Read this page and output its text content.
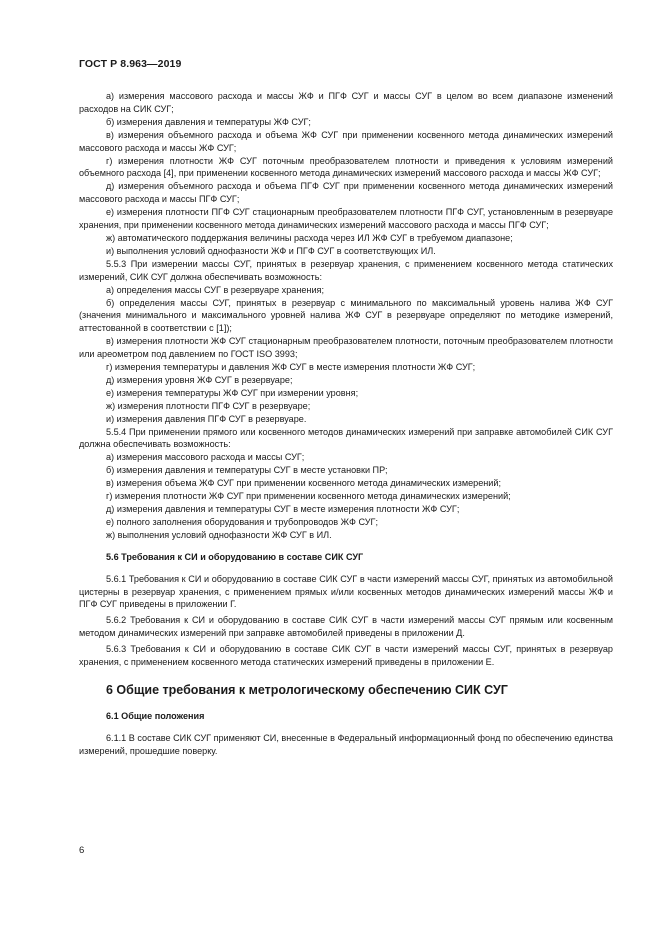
ГОСТ Р 8.963—2019

а) измерения массового расхода и массы ЖФ и ПГФ СУГ и массы СУГ в целом во всем диапазоне изменений расходов на СИК СУГ;

б) измерения давления и температуры ЖФ СУГ;

в) измерения объемного расхода и объема ЖФ СУГ при применении косвенного метода динамических измерений массового расхода и массы ЖФ СУГ;

г) измерения плотности ЖФ СУГ поточным преобразователем плотности и приведения к условиям измерений объемного расхода [4], при применении косвенного метода динамических измерений массового расхода и массы ЖФ СУГ;

д) измерения объемного расхода и объема ПГФ СУГ при применении косвенного метода динамических измерений массового расхода и массы ПГФ СУГ;

е) измерения плотности ПГФ СУГ стационарным преобразователем плотности ПГФ СУГ, установленным в резервуаре хранения, при применении косвенного метода динамических измерений массового расхода и массы ПГФ СУГ;

ж) автоматического поддержания величины расхода через ИЛ ЖФ СУГ в требуемом диапазоне;

и) выполнения условий однофазности ЖФ и ПГФ СУГ в соответствующих ИЛ.

5.5.3 При измерении массы СУГ, принятых в резервуар хранения, с применением косвенного метода статических измерений, СИК СУГ должна обеспечивать возможность:

а) определения массы СУГ в резервуаре хранения;

б) определения массы СУГ, принятых в резервуар с минимального по максимальный уровень налива ЖФ СУГ (значения минимального и максимального уровней налива ЖФ СУГ в резервуаре определяют по методике измерений, аттестованной в соответствии с [1]);

в) измерения плотности ЖФ СУГ стационарным преобразователем плотности, поточным преобразователем плотности или ареометром под давлением по ГОСТ ISO 3993;

г) измерения температуры и давления ЖФ СУГ в месте измерения плотности ЖФ СУГ;

д) измерения уровня ЖФ СУГ в резервуаре;

е) измерения температуры ЖФ СУГ при измерении уровня;

ж) измерения плотности ПГФ СУГ в резервуаре;

и) измерения давления ПГФ СУГ в резервуаре.

5.5.4 При применении прямого или косвенного методов динамических измерений при заправке автомобилей СИК СУГ должна обеспечивать возможность:

а) измерения массового расхода и массы СУГ;

б) измерения давления и температуры СУГ в месте установки ПР;

в) измерения объема ЖФ СУГ при применении косвенного метода динамических измерений;

г) измерения плотности ЖФ СУГ при применении косвенного метода динамических измерений;

д) измерения давления и температуры СУГ в месте измерения плотности ЖФ СУГ;

е) полного заполнения оборудования и трубопроводов ЖФ СУГ;

ж) выполнения условий однофазности ЖФ СУГ в ИЛ.

5.6 Требования к СИ и оборудованию в составе СИК СУГ

5.6.1 Требования к СИ и оборудованию в составе СИК СУГ в части измерений массы СУГ, принятых из автомобильной цистерны в резервуар хранения, с применением прямых и/или косвенных методов динамических измерений массы ЖФ и ПГФ СУГ приведены в приложении Г.

5.6.2 Требования к СИ и оборудованию в составе СИК СУГ в части измерений массы СУГ прямым или косвенным методом динамических измерений при заправке автомобилей приведены в приложении Д.

5.6.3 Требования к СИ и оборудованию в составе СИК СУГ в части измерений массы СУГ, принятых в резервуар хранения, с применением косвенного метода статических измерений приведены в приложении Е.

6 Общие требования к метрологическому обеспечению СИК СУГ

6.1 Общие положения

6.1.1 В составе СИК СУГ применяют СИ, внесенные в Федеральный информационный фонд по обеспечению единства измерений, прошедшие поверку.

6
